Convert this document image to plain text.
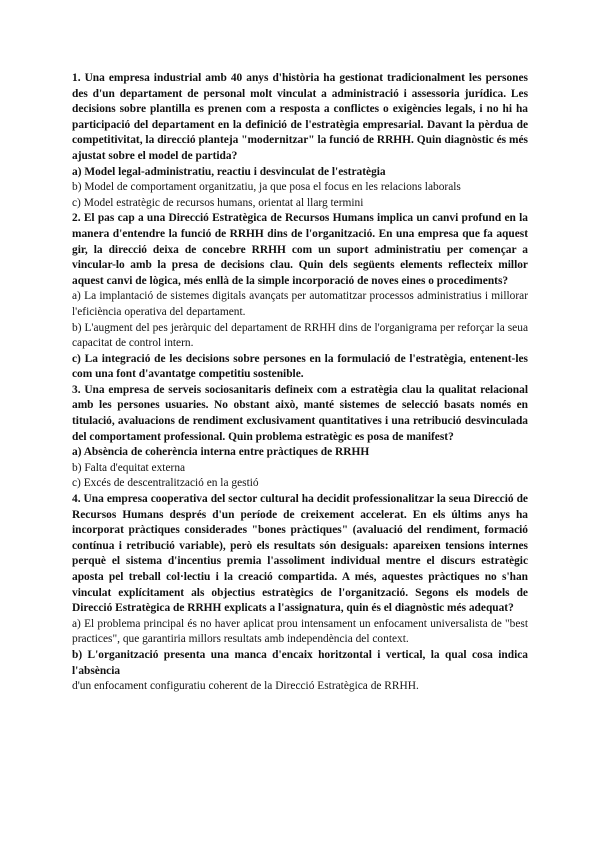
1. Una empresa industrial amb 40 anys d'història ha gestionat tradicionalment les persones des d'un departament de personal molt vinculat a administració i assessoria jurídica. Les decisions sobre plantilla es prenen com a resposta a conflictes o exigències legals, i no hi ha participació del departament en la definició de l'estratègia empresarial. Davant la pèrdua de competitivitat, la direcció planteja "modernitzar" la funció de RRHH. Quin diagnòstic és més ajustat sobre el model de partida?

a) Model legal-administratiu, reactiu i desvinculat de l'estratègia

b) Model de comportament organitzatiu, ja que posa el focus en les relacions laborals

c) Model estratègic de recursos humans, orientat al llarg termini

2. El pas cap a una Direcció Estratègica de Recursos Humans implica un canvi profund en la manera d'entendre la funció de RRHH dins de l'organització. En una empresa que fa aquest gir, la direcció deixa de concebre RRHH com un suport administratiu per començar a vincular-lo amb la presa de decisions clau. Quin dels següents elements reflecteix millor aquest canvi de lògica, més enllà de la simple incorporació de noves eines o procediments?

a) La implantació de sistemes digitals avançats per automatitzar processos administratius i millorar l'eficiència operativa del departament.

b) L'augment del pes jeràrquic del departament de RRHH dins de l'organigrama per reforçar la seua capacitat de control intern.

c) La integració de les decisions sobre persones en la formulació de l'estratègia, entenent-les com una font d'avantatge competitiu sostenible.

3. Una empresa de serveis sociosanitaris defineix com a estratègia clau la qualitat relacional amb les persones usuaries. No obstant això, manté sistemes de selecció basats només en titulació, avaluacions de rendiment exclusivament quantitatives i una retribució desvinculada del comportament professional. Quin problema estratègic es posa de manifest?

a) Absència de coherència interna entre pràctiques de RRHH

b) Falta d'equitat externa

c) Excés de descentralització en la gestió

4. Una empresa cooperativa del sector cultural ha decidit professionalitzar la seua Direcció de Recursos Humans després d'un període de creixement accelerat. En els últims anys ha incorporat pràctiques considerades "bones pràctiques" (avaluació del rendiment, formació contínua i retribució variable), però els resultats són desiguals: apareixen tensions internes perquè el sistema d'incentius premia l'assoliment individual mentre el discurs estratègic aposta pel treball col·lectiu i la creació compartida. A més, aquestes pràctiques no s'han vinculat explícitament als objectius estratègics de l'organització. Segons els models de Direcció Estratègica de RRHH explicats a l'assignatura, quin és el diagnòstic més adequat?

a) El problema principal és no haver aplicat prou intensament un enfocament universalista de "best practices", que garantiria millors resultats amb independència del context.

b) L'organització presenta una manca d'encaix horitzontal i vertical, la qual cosa indica l'absència

d'un enfocament configuratiu coherent de la Direcció Estratègica de RRHH.
